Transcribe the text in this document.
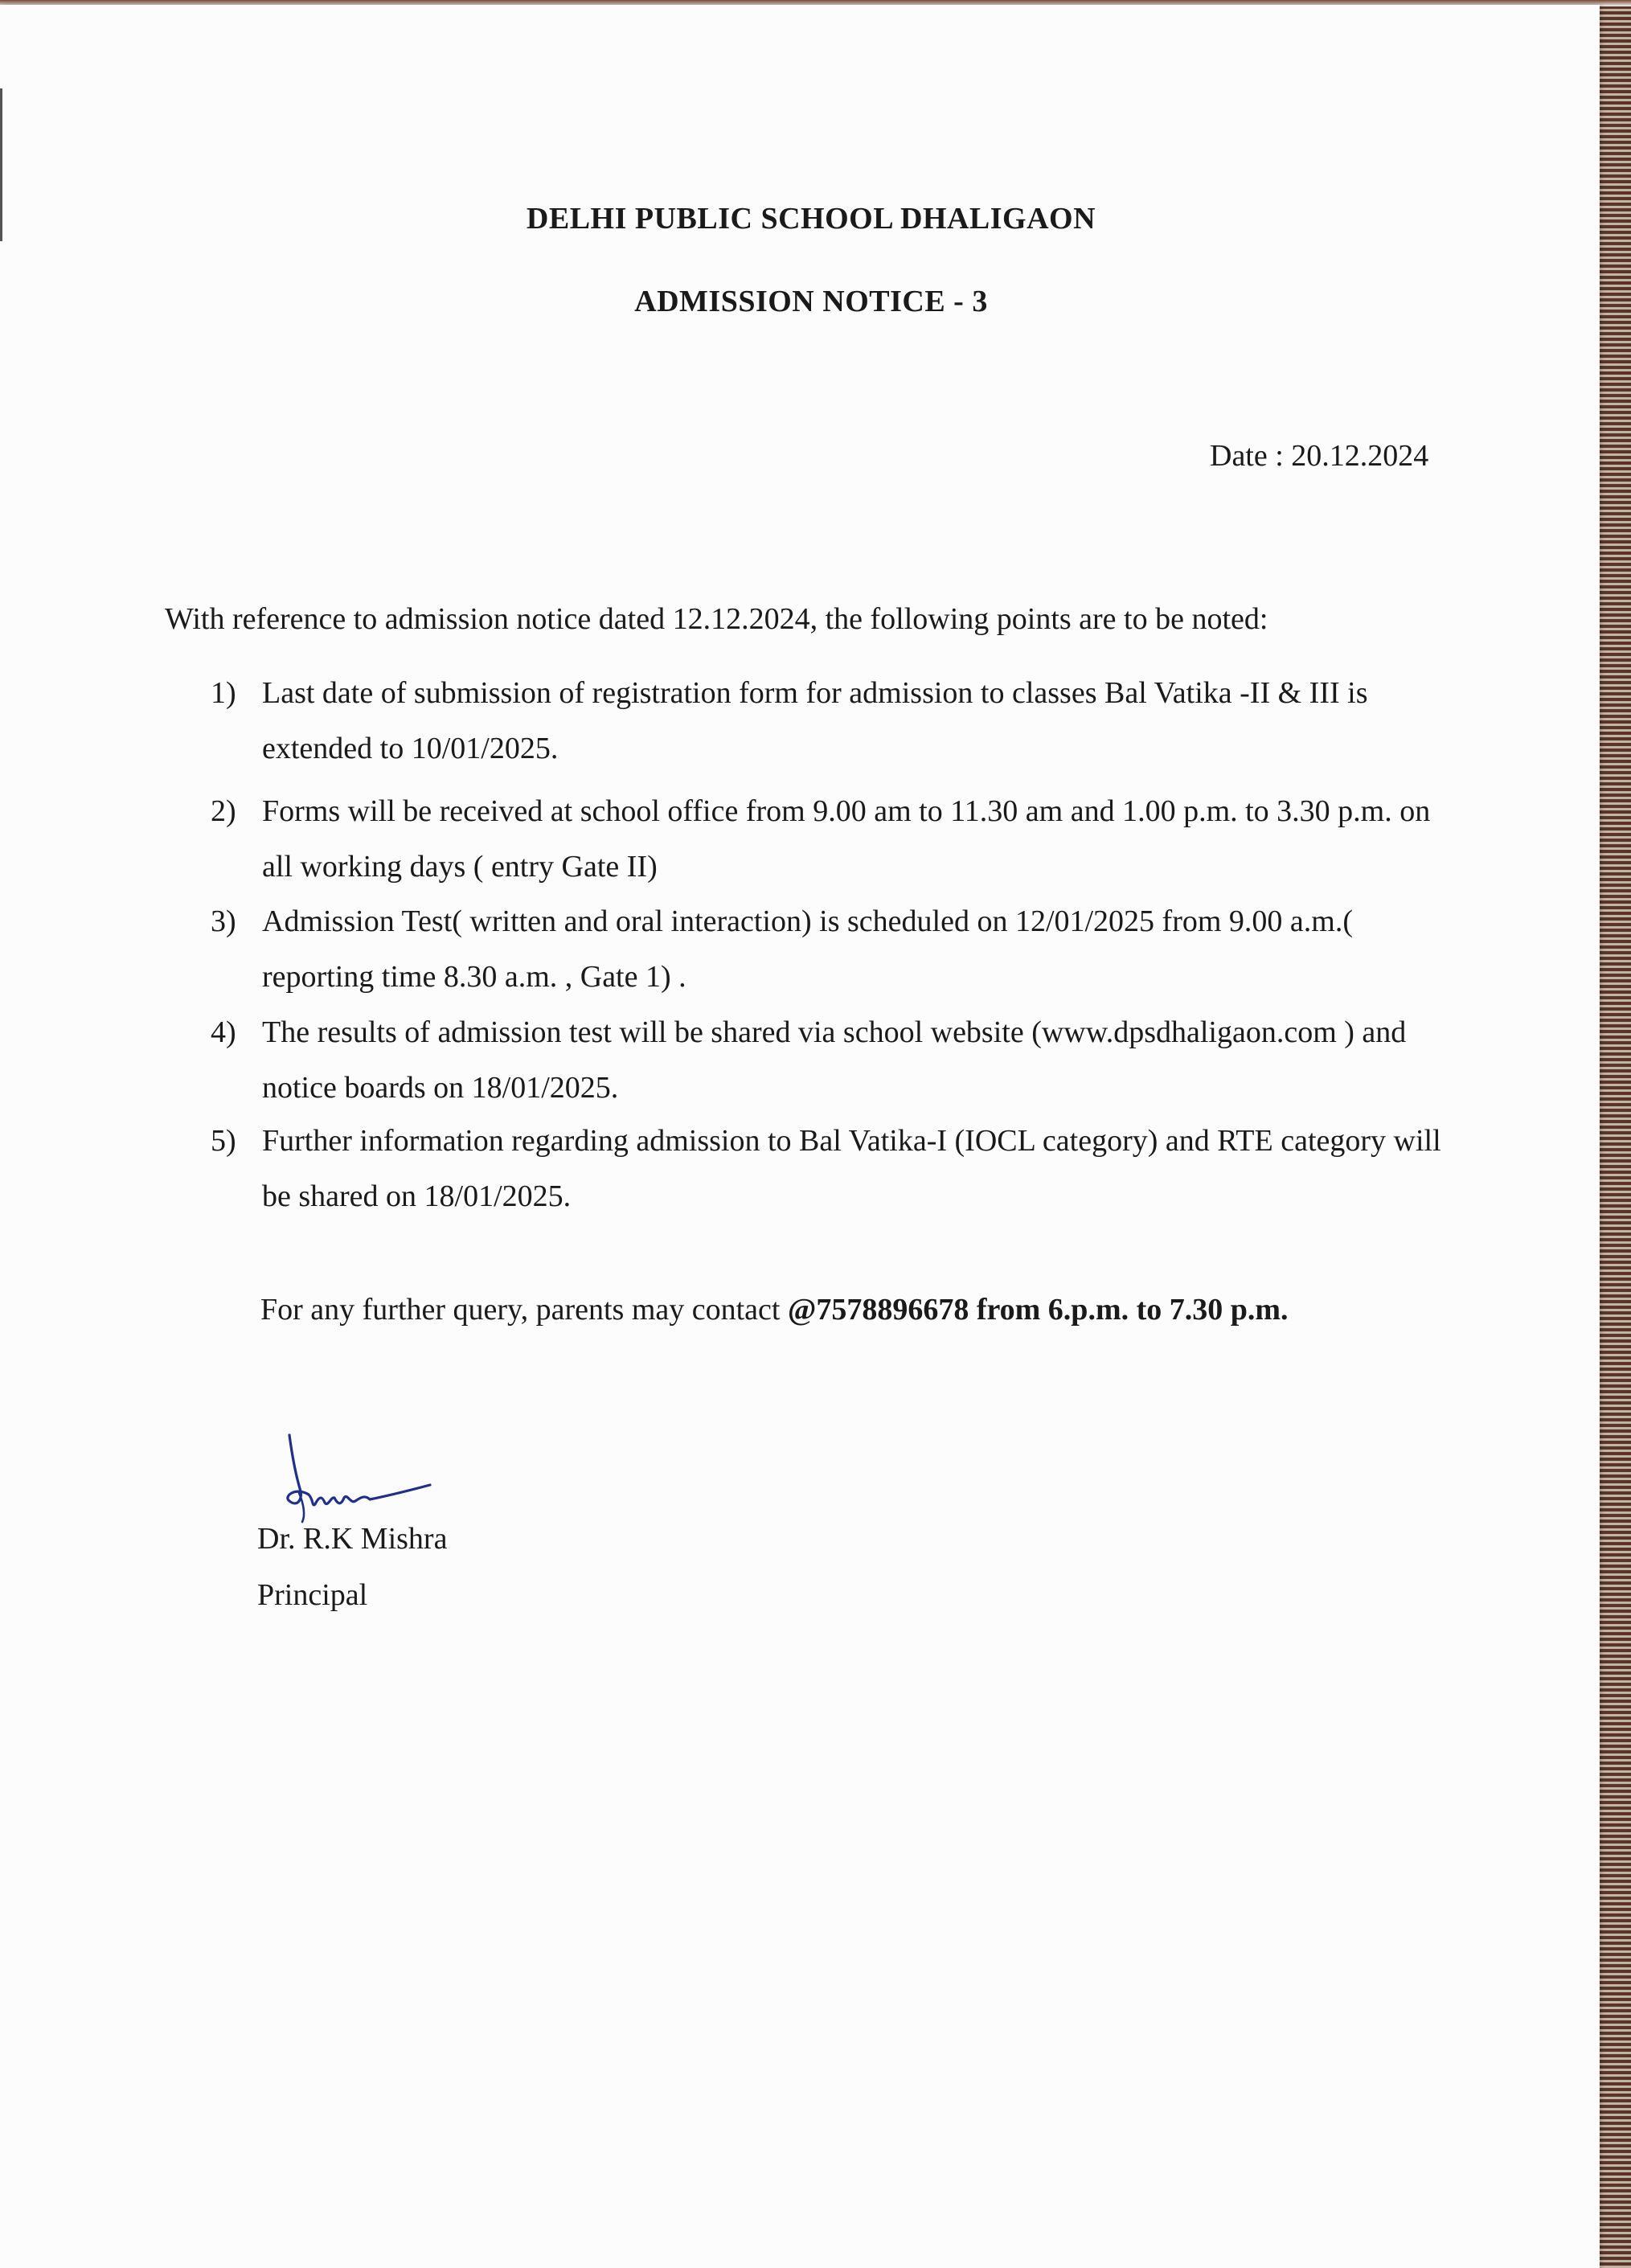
DELHI PUBLIC SCHOOL DHALIGAON
ADMISSION NOTICE - 3
Date : 20.12.2024
With reference to admission notice dated 12.12.2024, the following points are to be noted:
1) Last date of submission of registration form for admission to classes Bal Vatika -II & III is extended to 10/01/2025.
2) Forms will be received at school office from 9.00 am to 11.30 am and 1.00 p.m. to 3.30 p.m. on all working days ( entry Gate II)
3) Admission Test( written and oral interaction) is scheduled on 12/01/2025 from 9.00 a.m.( reporting time 8.30 a.m. , Gate 1) .
4) The results of admission test will be shared via school website (www.dpsdhaligaon.com ) and notice boards on 18/01/2025.
5) Further information regarding admission to Bal Vatika-I (IOCL category) and RTE category will be shared on 18/01/2025.
For any further query, parents may contact @7578896678 from 6.p.m. to 7.30 p.m.
Dr. R.K Mishra
Principal
